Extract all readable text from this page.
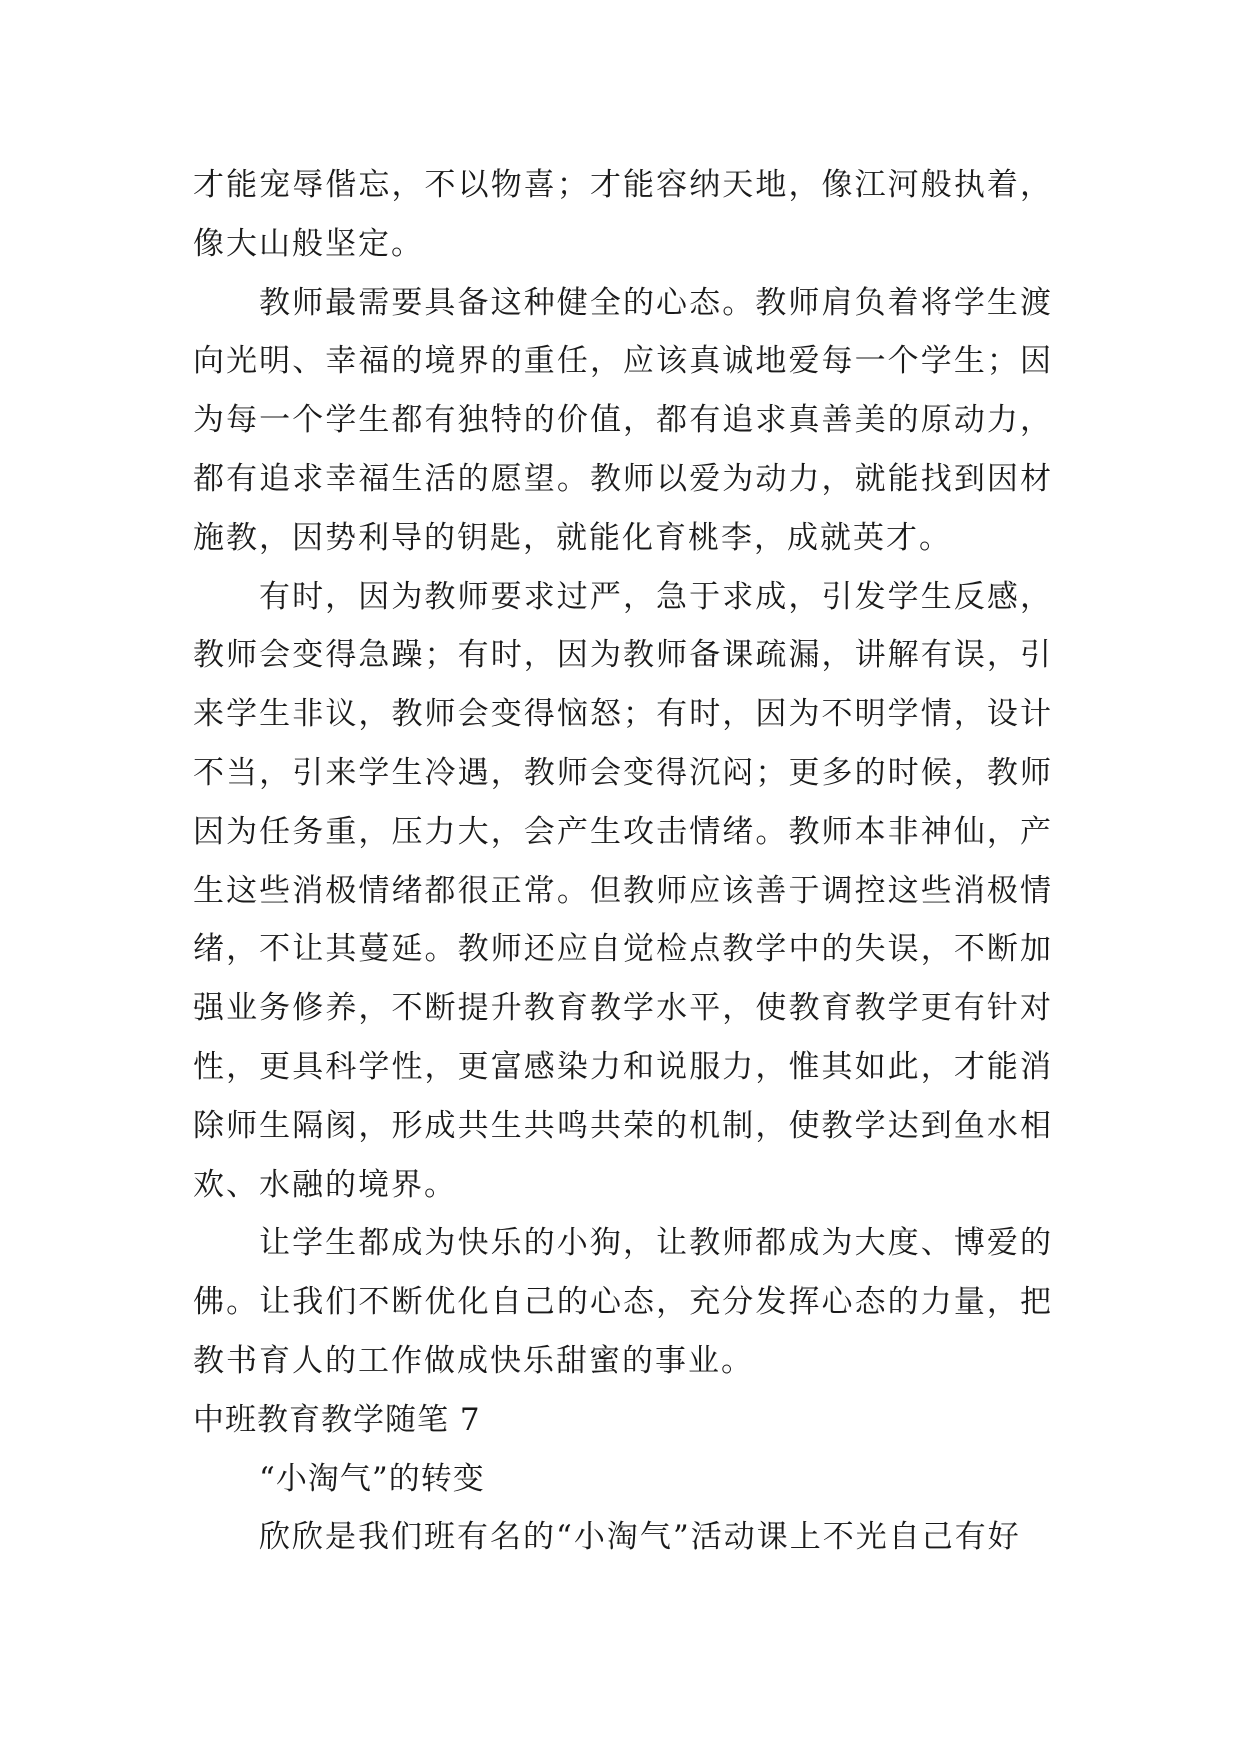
才能宠辱偕忘，不以物喜；才能容纳天地，像江河般执着，像大山般坚定。

教师最需要具备这种健全的心态。教师肩负着将学生渡向光明、幸福的境界的重任，应该真诚地爱每一个学生；因为每一个学生都有独特的价值，都有追求真善美的原动力，都有追求幸福生活的愿望。教师以爱为动力，就能找到因材施教，因势利导的钥匙，就能化育桃李，成就英才。

有时，因为教师要求过严，急于求成，引发学生反感，教师会变得急躁；有时，因为教师备课疏漏，讲解有误，引来学生非议，教师会变得恼怒；有时，因为不明学情，设计不当，引来学生冷遇，教师会变得沉闷；更多的时候，教师因为任务重，压力大，会产生攻击情绪。教师本非神仙，产生这些消极情绪都很正常。但教师应该善于调控这些消极情绪，不让其蔓延。教师还应自觉检点教学中的失误，不断加强业务修养，不断提升教育教学水平，使教育教学更有针对性，更具科学性，更富感染力和说服力，惟其如此，才能消除师生隔阂，形成共生共鸣共荣的机制，使教学达到鱼水相欢、水融的境界。

让学生都成为快乐的小狗，让教师都成为大度、博爱的佛。让我们不断优化自己的心态，充分发挥心态的力量，把教书育人的工作做成快乐甜蜜的事业。

中班教育教学随笔 7

“小淘气”的转变

欣欣是我们班有名的“小淘气”活动课上不光自己有好
